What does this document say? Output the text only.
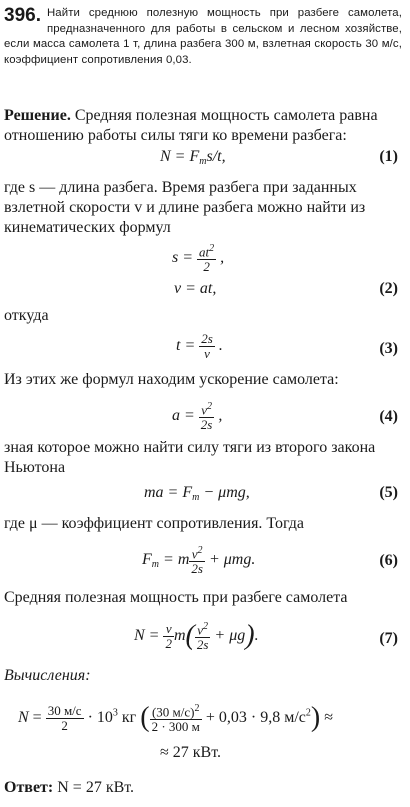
396. Найти среднюю полезную мощность при разбеге самолета, предназначенного для работы в сельском и лесном хозяйстве, если масса самолета 1 т, длина разбега 300 м, взлетная скорость 30 м/с, коэффициент сопротивления 0,03.
Решение. Средняя полезная мощность самолета равна отношению работы силы тяги ко времени разбега:
$N = F_тs/t$,	(1)
где s — длина разбега. Время разбега при заданных взлетной скорости v и длине разбега можно найти из кинематических формул
$s = \frac{at^2}{2}$ ,
v = at,	(2)
откуда
$t = \frac{2s}{v}$ .	(3)
Из этих же формул находим ускорение самолета:
$a = \frac{v^2}{2s}$ ,	(4)
зная которое можно найти силу тяги из второго закона Ньютона
ma = $F_т - \mu mg$,	(5)
где μ — коэффициент сопротивления. Тогда
$F_т = m \frac{v^2}{2s} + \mu mg$.	(6)
Средняя полезная мощность при разбеге самолета
$N = \frac{v}{2} m( \frac{v^2}{2s} + \mu g)$.	(7)
Вычисления:
$N = \frac{30 м/с}{2} \cdot 10^3$ кг ( $\frac{(30 м/с)^2}{2 \cdot 300 м} + 0,03 \cdot 9,8$ $м/с^2$) ≈
≈ 27 кВт.
Ответ: N = 27 кВт.
